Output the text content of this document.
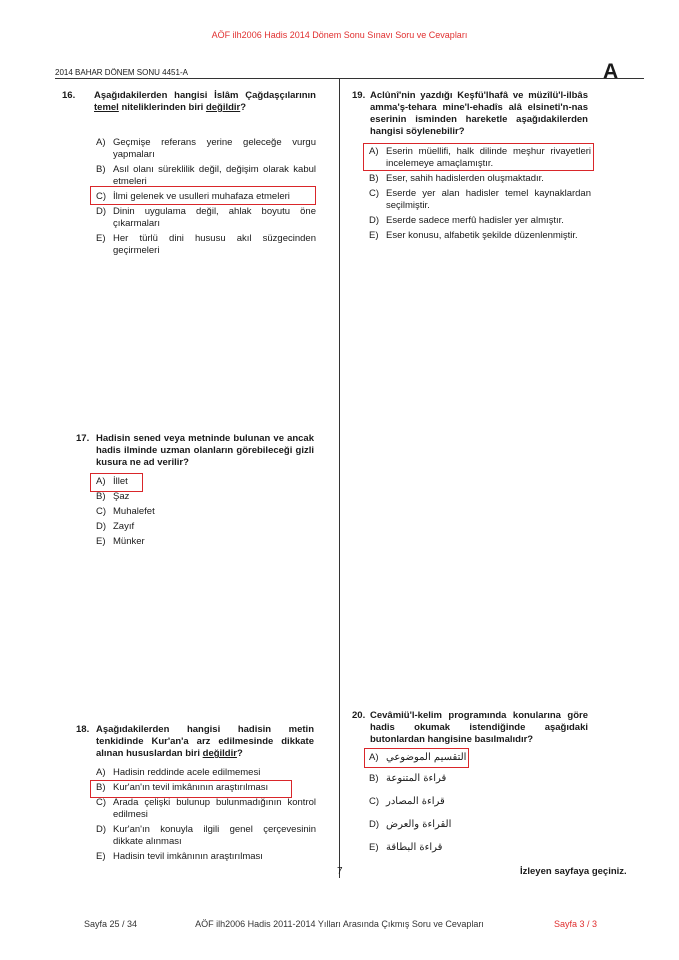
AÖF ilh2006 Hadis 2014 Dönem Sonu Sınavı Soru ve Cevapları
2014 BAHAR DÖNEM SONU 4451-A	A
16. Aşağıdakilerden hangisi İslâm Çağdaşçılarının temel niteliklerinden biri değildir?
A) Geçmişe referans yerine geleceğe vurgu yapmaları
B) Asıl olanı süreklilik değil, değişim olarak kabul etmeleri
C) İlmi gelenek ve usulleri muhafaza etmeleri
D) Dinin uygulama değil, ahlak boyutu öne çıkarmaları
E) Her türlü dini hususu akıl süzgecinden geçirmeleri
17. Hadisin sened veya metninde bulunan ve ancak hadis ilminde uzman olanların görebileceği gizli kusura ne ad verilir?
A) İllet
B) Şaz
C) Muhalefet
D) Zayıf
E) Münker
18. Aşağıdakilerden hangisi hadisin metin tenkidinde Kur'an'a arz edilmesinde dikkate alınan hususlardan biri değildir?
A) Hadisin reddinde acele edilmemesi
B) Kur'an'ın tevil imkânının araştırılması
C) Arada çelişki bulunup bulunmadığının kontrol edilmesi
D) Kur'an'ın konuyla ilgili genel çerçevesinin dikkate alınması
E) Hadisin tevil imkânının araştırılması
19. Aclûnî'nin yazdığı Keşfü'lhafâ ve müzîlü'l-ilbâs amma'ş-tehara mine'l-ehadîs alâ elsineti'n-nas eserinin isminden hareketle aşağıdakilerden hangisi söylenebilir?
A) Eserin müellifi, halk dilinde meşhur rivayetleri incelemeye amaçlamıştır.
B) Eser, sahih hadislerden oluşmaktadır.
C) Eserde yer alan hadisler temel kaynaklardan seçilmiştir.
D) Eserde sadece merfû hadisler yer almıştır.
E) Eser konusu, alfabetik şekilde düzenlenmiştir.
20. Cevâmiü'l-kelim programında konularına göre hadis okumak istendiğinde aşağıdaki butonlardan hangisine basılmalıdır?
A) التقسيم الموضوعي
B) قراءة المتنوعة
C) قراءة المصادر
D) القراءة والعرض
E) قراءة البطاقة
7	İzleyen sayfaya geçiniz.
Sayfa 25 / 34	AÖF ilh2006 Hadis 2011-2014 Yılları Arasında Çıkmış Soru ve Cevapları	Sayfa 3 / 3
